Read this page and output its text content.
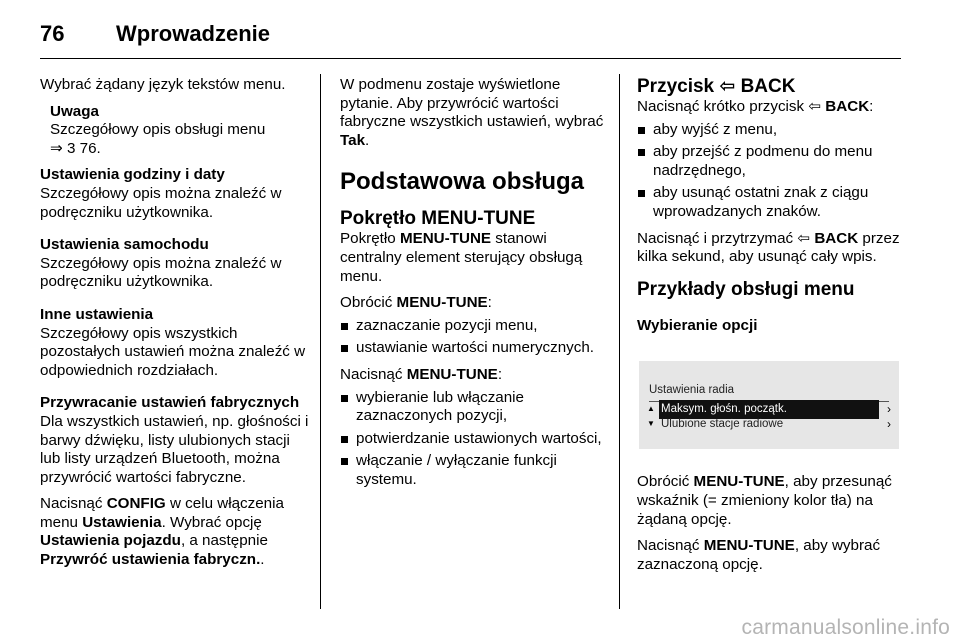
76	Wprowadzenie

Wybrać żądany język tekstów menu.

Uwaga
Szczegółowy opis obsługi menu
⇒ 3 76.
Ustawienia godziny i daty

Szczegółowy opis można znaleźć w podręczniku użytkownika.

Ustawienia samochodu

Szczegółowy opis można znaleźć w podręczniku użytkownika.

Inne ustawienia

Szczegółowy opis wszystkich pozostałych ustawień można znaleźć w odpowiednich rozdziałach.

Przywracanie ustawień fabrycznych

Dla wszystkich ustawień, np. głośności i barwy dźwięku, listy ulubionych stacji lub listy urządzeń Bluetooth, można przywrócić wartości fabryczne.

Nacisnąć CONFIG w celu włączenia menu Ustawienia. Wybrać opcję Ustawienia pojazdu, a następnie Przywróć ustawienia fabryczn..

W podmenu zostaje wyświetlone pytanie. Aby przywrócić wartości fabryczne wszystkich ustawień, wybrać Tak.

Podstawowa obsługa
Pokrętło MENU-TUNE

Pokrętło MENU-TUNE stanowi centralny element sterujący obsługą menu.

Obrócić MENU-TUNE:

zaznaczanie pozycji menu,
ustawianie wartości numerycznych.

Nacisnąć MENU-TUNE:

wybieranie lub włączanie zaznaczonych pozycji,
potwierdzanie ustawionych wartości,
włączanie / wyłączanie funkcji systemu.
Przycisk ⇦ BACK

Nacisnąć krótko przycisk ⇦ BACK:

aby wyjść z menu,
aby przejść z podmenu do menu nadrzędnego,
aby usunąć ostatni znak z ciągu wprowadzanych znaków.

Nacisnąć i przytrzymać ⇦ BACK przez kilka sekund, aby usunąć cały wpis.

Przykłady obsługi menu
Wybieranie opcji
Ustawienia radia
▲ Maksym. głośn. początk.	›
▼ Ulubione stacje radiowe	›

Obrócić MENU-TUNE, aby przesunąć wskaźnik (= zmieniony kolor tła) na żądaną opcję.

Nacisnąć MENU-TUNE, aby wybrać zaznaczoną opcję.

carmanualsonline.info
